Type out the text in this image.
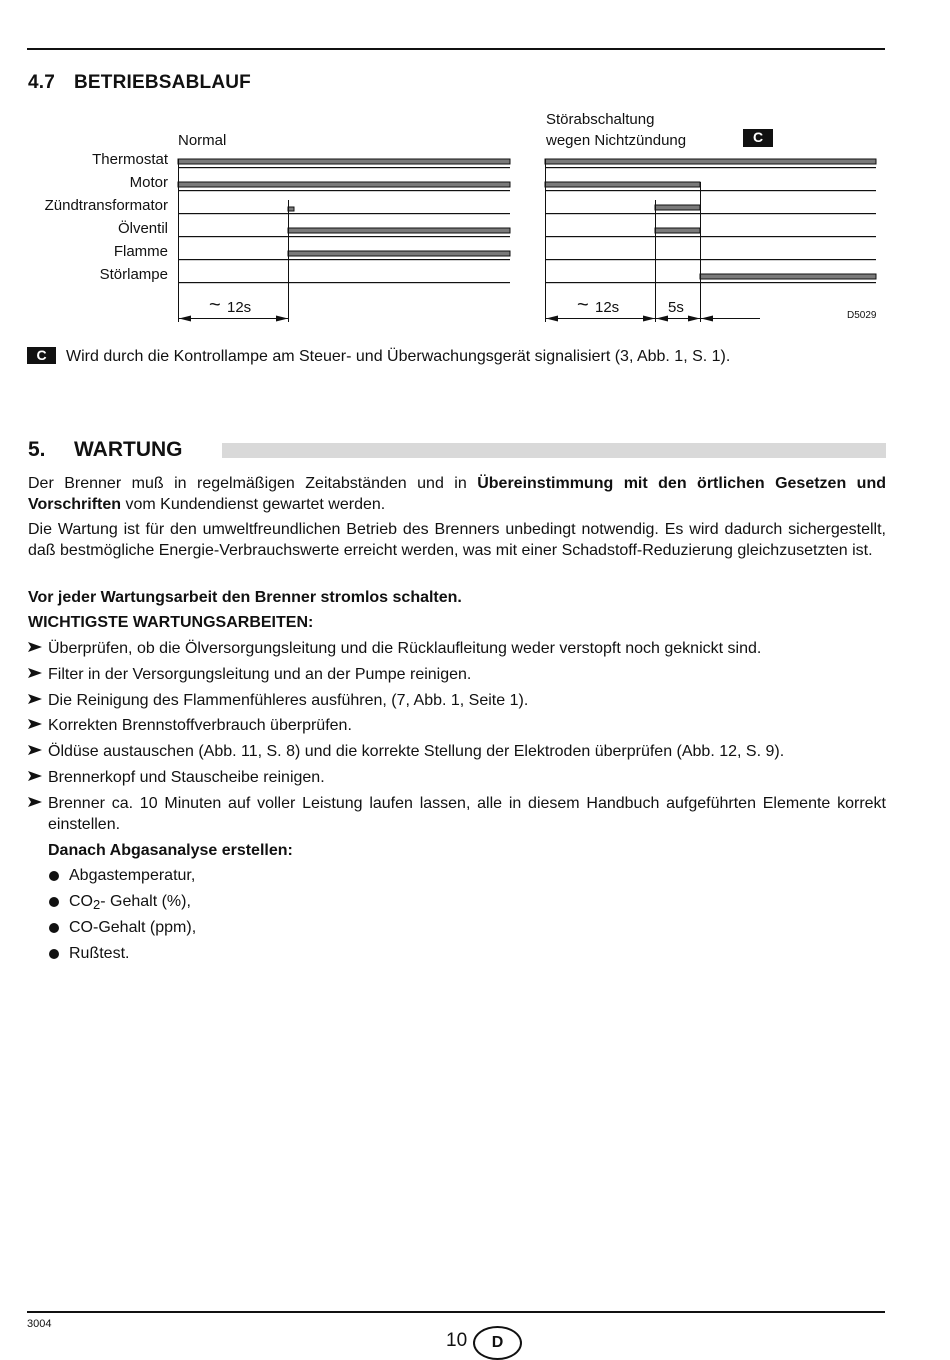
4.7 BETRIEBSABLAUF
Thermostat
Motor
Zündtransformator
Ölventil
Flamme
Störlampe
Normal
Störabschaltung
wegen Nichtzündung	C
~ 12s	~ 12s	5s	D5029
C	Wird durch die Kontrollampe am Steuer- und Überwachungsgerät signalisiert (3, Abb. 1, S. 1).
5. WARTUNG
Der Brenner muß in regelmäßigen Zeitabständen und in Übereinstimmung mit den örtlichen Gesetzen und Vorschriften vom Kundendienst gewartet werden.
Die Wartung ist für den umweltfreundlichen Betrieb des Brenners unbedingt notwendig. Es wird dadurch sichergestellt, daß bestmögliche Energie-Verbrauchswerte erreicht werden, was mit einer Schadstoff-Reduzierung gleichzusetzten ist.
Vor jeder Wartungsarbeit den Brenner stromlos schalten.
WICHTIGSTE WARTUNGSARBEITEN:
Überprüfen, ob die Ölversorgungsleitung und die Rücklaufleitung weder verstopft noch geknickt sind.
Filter in der Versorgungsleitung und an der Pumpe reinigen.
Die Reinigung des Flammenfühleres ausführen, (7, Abb. 1, Seite 1).
Korrekten Brennstoffverbrauch überprüfen.
Öldüse austauschen (Abb. 11, S. 8) und die korrekte Stellung der Elektroden überprüfen (Abb. 12, S. 9).
Brennerkopf und Stauscheibe reinigen.
Brenner ca. 10 Minuten auf voller Leistung laufen lassen, alle in diesem Handbuch aufgeführten Elemente korrekt einstellen.
Danach Abgasanalyse erstellen:
Abgastemperatur,
CO2- Gehalt (%),
CO-Gehalt (ppm),
Rußtest.
3004
10	D
